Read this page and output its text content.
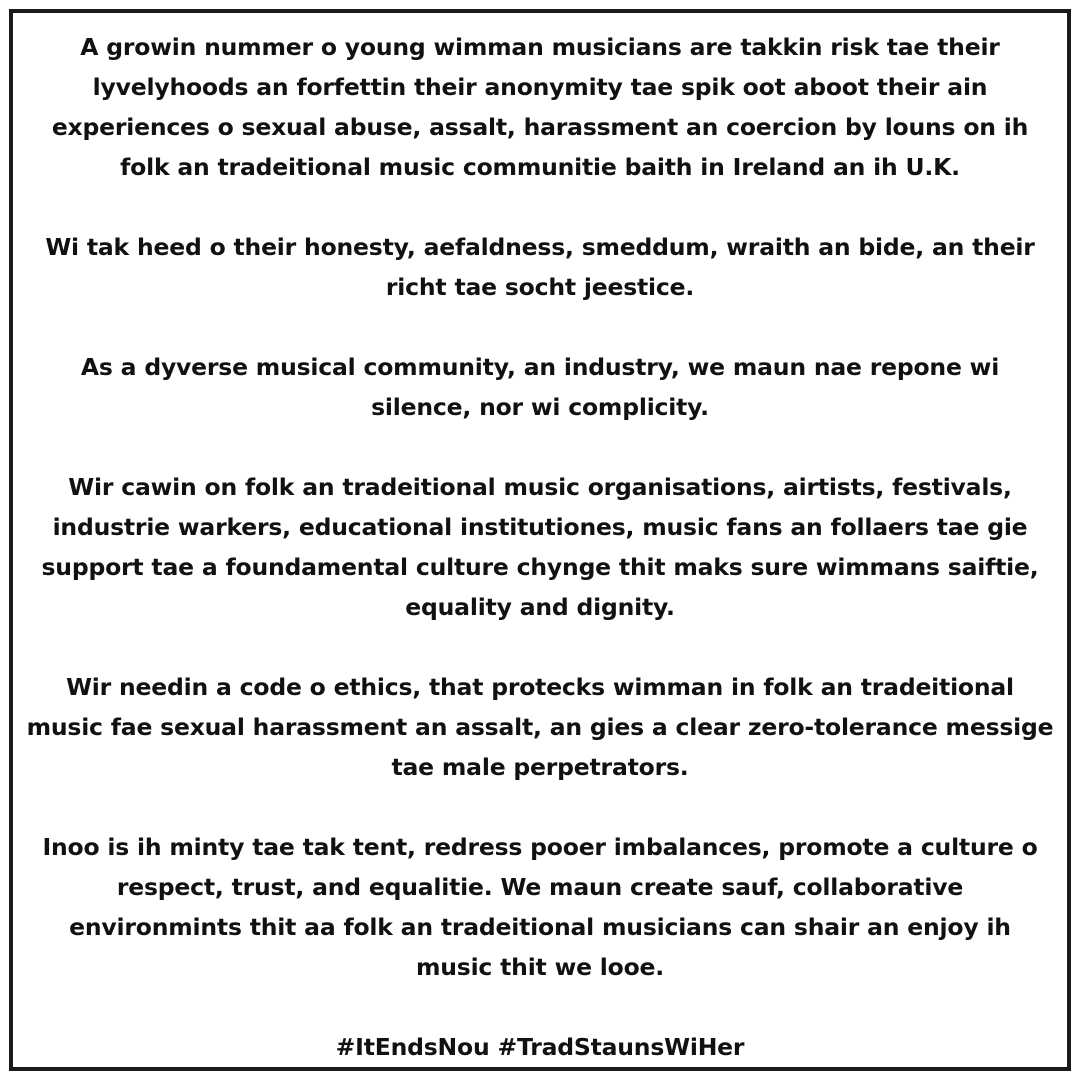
A growin nummer o young wimman musicians are takkin risk tae their
lyvelyhoods an forfettin their anonymity tae spik oot aboot their ain
experiences o sexual abuse, assalt, harassment an coercion by louns on ih
folk an tradeitional music communitie baith in Ireland an ih U.K.

Wi tak heed o their honesty, aefaldness, smeddum, wraith an bide, an their
richt tae socht jeestice.

As a dyverse musical community, an industry, we maun nae repone wi
silence, nor wi complicity.

Wir cawin on folk an tradeitional music organisations, airtists, festivals,
industrie warkers, educational institutiones, music fans an follaers tae gie
support tae a foundamental culture chynge thit maks sure wimmans saiftie,
equality and dignity.

Wir needin a code o ethics, that protecks wimman in folk an tradeitional
music fae sexual harassment an assalt, an gies a clear zero-tolerance messige
tae male perpetrators.

Inoo is ih minty tae tak tent, redress pooer imbalances, promote a culture o
respect, trust, and equalitie. We maun create sauf, collaborative
environmints thit aa folk an tradeitional musicians can shair an enjoy ih
music thit we looe.

#ItEndsNou #TradStaunsWiHer
